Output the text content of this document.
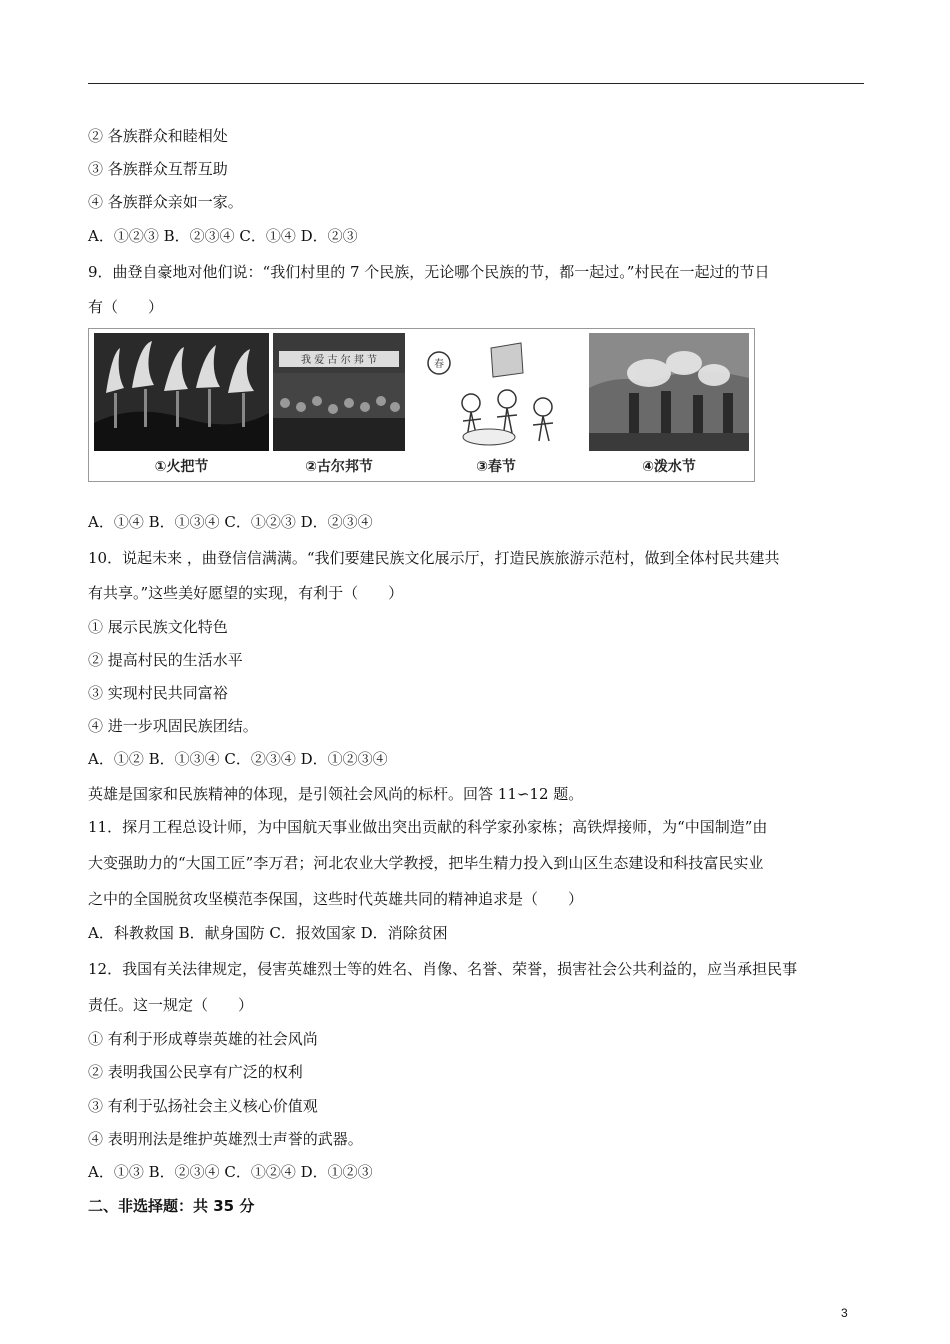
② 各族群众和睦相处
③ 各族群众互帮互助
④ 各族群众亲如一家。
A．①②③ B．②③④ C．①④ D．②③
9．曲登自豪地对他们说：“我们村里的 7 个民族，无论哪个民族的节，都一起过。”村民在一起过的节日
有（　　）
我 爱 古 尔 邦 节	春
①火把节	②古尔邦节	③春节	④泼水节
A．①④ B．①③④ C．①②③ D．②③④
10．说起未来 ，曲登信信满满。“我们要建民族文化展示厅，打造民族旅游示范村，做到全体村民共建共
有共享。”这些美好愿望的实现，有利于（　　）
① 展示民族文化特色
② 提高村民的生活水平
③ 实现村民共同富裕
④ 进一步巩固民族团结。
A．①② B．①③④ C．②③④ D．①②③④
英雄是国家和民族精神的体现，是引领社会风尚的标杆。回答 11∽12 题。
11．探月工程总设计师，为中国航天事业做出突出贡献的科学家孙家栋；高铁焊接师，为“中国制造”由
大变强助力的“大国工匠”李万君；河北农业大学教授，把毕生精力投入到山区生态建设和科技富民实业
之中的全国脱贫攻坚模范李保国，这些时代英雄共同的精神追求是（　　）
A．科教救国 B．献身国防 C．报效国家 D．消除贫困
12．我国有关法律规定，侵害英雄烈士等的姓名、肖像、名誉、荣誉，损害社会公共利益的，应当承担民事
责任。这一规定（　　）
① 有利于形成尊崇英雄的社会风尚
② 表明我国公民享有广泛的权利
③ 有利于弘扬社会主义核心价值观
④ 表明刑法是维护英雄烈士声誉的武器。
A．①③ B．②③④ C．①②④ D．①②③
二、非选择题：共 35 分
3
